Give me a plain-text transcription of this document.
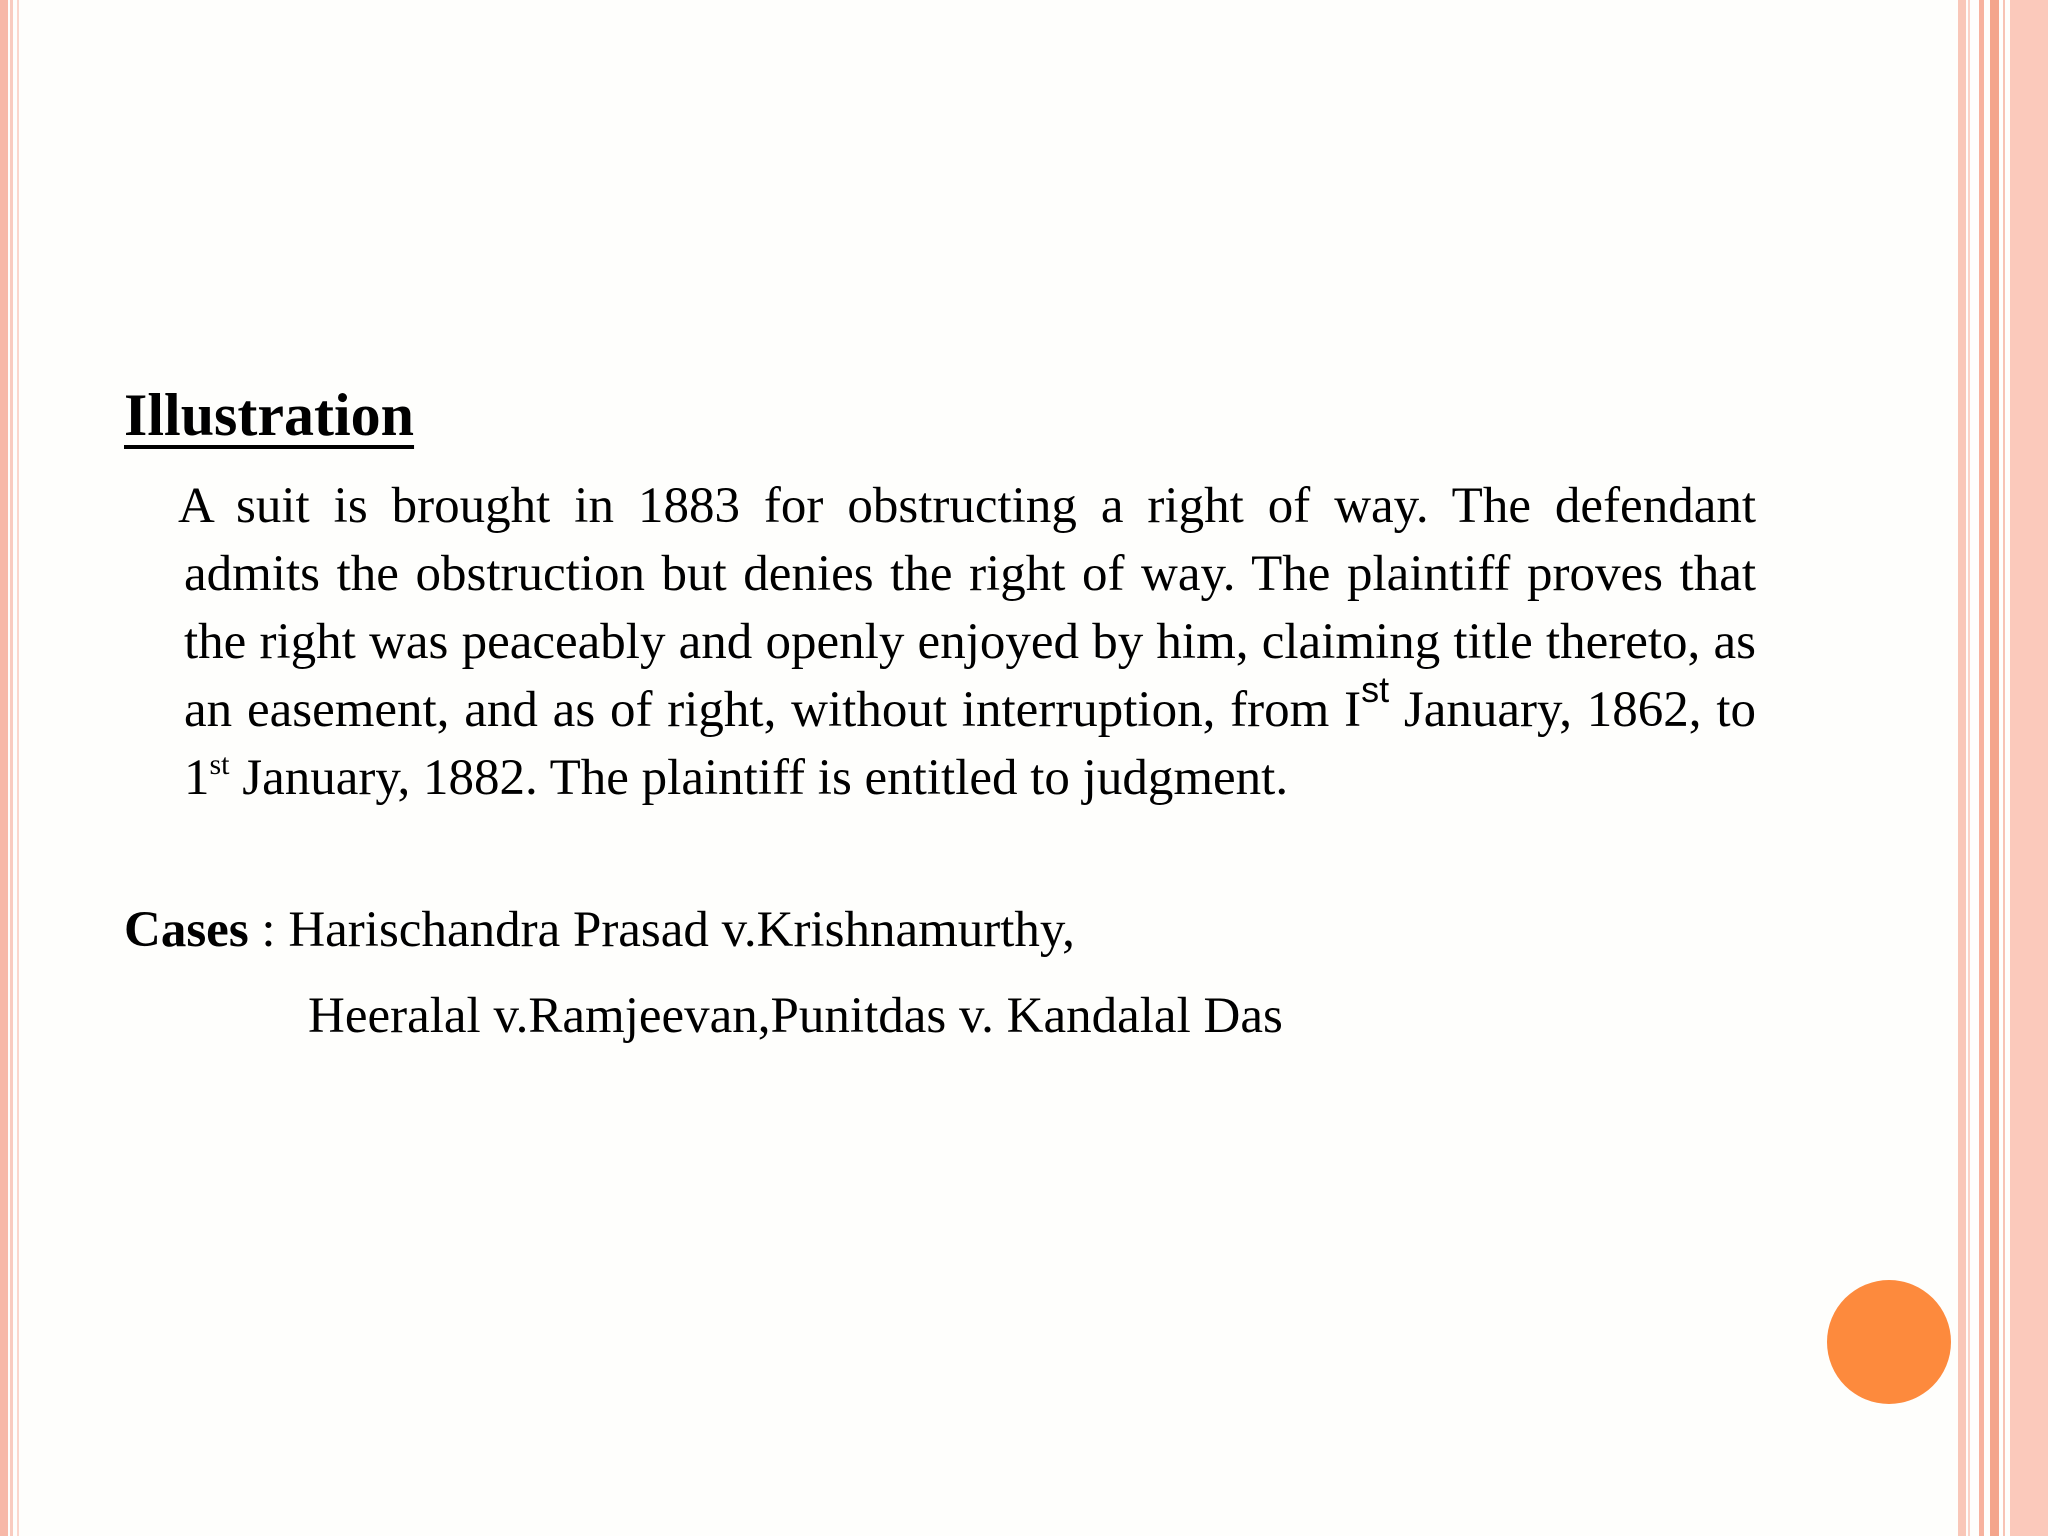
Illustration

A suit is brought in 1883 for obstructing a right of way. The defendant admits the obstruction but denies the right of way. The plaintiff proves that the right was peaceably and openly enjoyed by him, claiming title thereto, as an easement, and as of right, without interruption, from Ist January, 1862, to 1st January, 1882. The plaintiff is entitled to judgment.

Cases : Harischandra Prasad v.Krishnamurthy,

Heeralal v.Ramjeevan,Punitdas v. Kandalal Das
